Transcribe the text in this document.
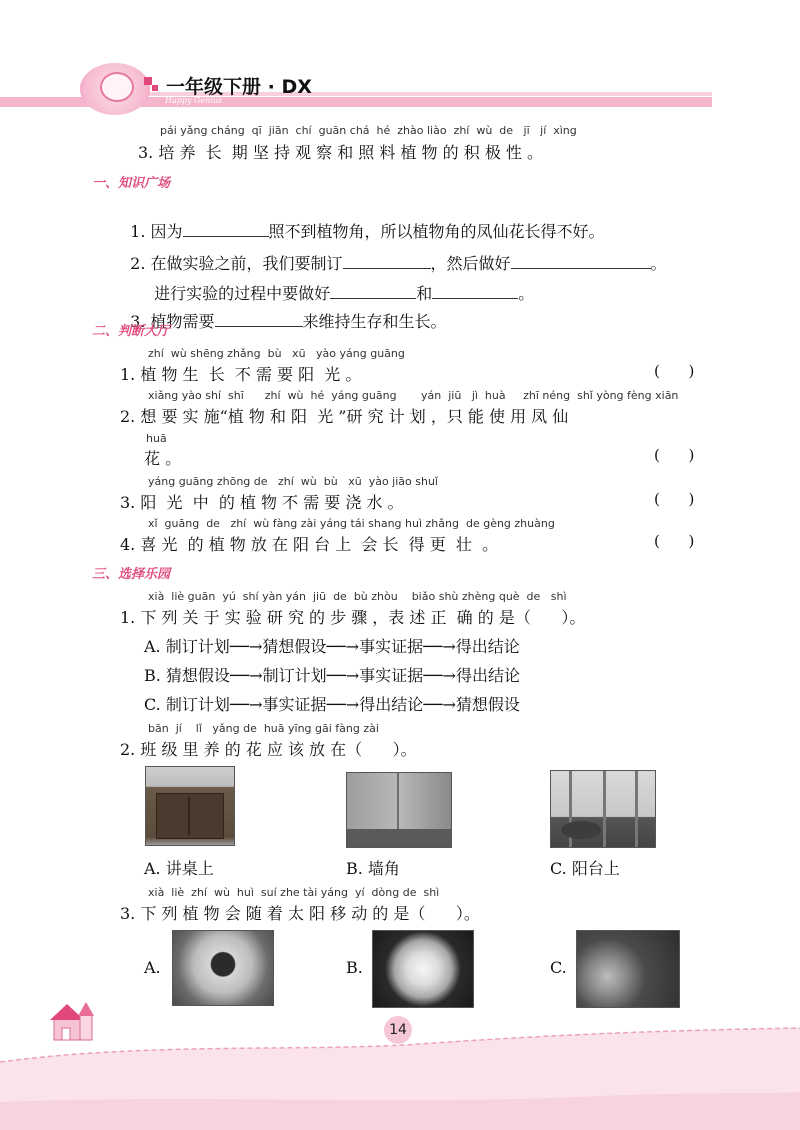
一年级下册 · DX
Happy Genius
pái yǎng cháng  qī  jiān  chí  guān chá  hé  zhào liào  zhí  wù  de   jī   jí  xìng
3. 培 养  长  期 坚 持 观 察 和 照 料 植 物 的 积 极 性 。
一、知识广场

1. 因为	照不到植物角，所以植物角的凤仙花长得不好。

2. 在做实验之前，我们要制订	，然后做好	。

进行实验的过程中要做好	和	。

3. 植物需要	来维持生存和生长。

二、判断大厅
zhí  wù shēng zhǎng  bù   xū   yào yáng guāng
1. 植 物 生  长  不 需 要 阳  光 。	(      )
xiǎng yào shí  shī      zhí  wù  hé  yáng guāng       yán  jiū   jì  huà     zhī néng  shǐ yòng fèng xiān
2. 想 要 实 施“植 物 和 阳  光 ”研 究 计 划 ，只 能 使 用 凤 仙
huā
花 。	(      )
yáng guāng zhōng de   zhí  wù  bù   xū  yào jiāo shuǐ
3. 阳  光  中  的 植 物 不 需 要 浇 水 。	(      )
xǐ  guāng  de   zhí  wù fàng zài yáng tái shang huì zhǎng  de gèng zhuàng
4. 喜 光  的 植 物 放 在 阳 台 上  会 长  得 更  壮  。	(      )
三、选择乐园
xià  liè guān  yú  shí yàn yán  jiū  de  bù zhòu    biǎo shù zhèng què  de   shì
1. 下 列 关 于 实 验 研 究 的 步 骤 ，表 述 正  确 的 是（      ）。
A. 制订计划──→猜想假设──→事实证据──→得出结论
B. 猜想假设──→制订计划──→事实证据──→得出结论
C. 制订计划──→事实证据──→得出结论──→猜想假设
bān  jí    lǐ   yǎng de  huā yīng gāi fàng zài
2. 班 级 里 养 的 花 应 该 放 在（      ）。
A. 讲桌上	B. 墙角	C. 阳台上
xià  liè  zhí  wù  huì  suí zhe tài yáng  yí  dòng de  shì
3. 下 列 植 物 会 随 着 太 阳 移 动 的 是（      ）。
A.	B.	C.
14
